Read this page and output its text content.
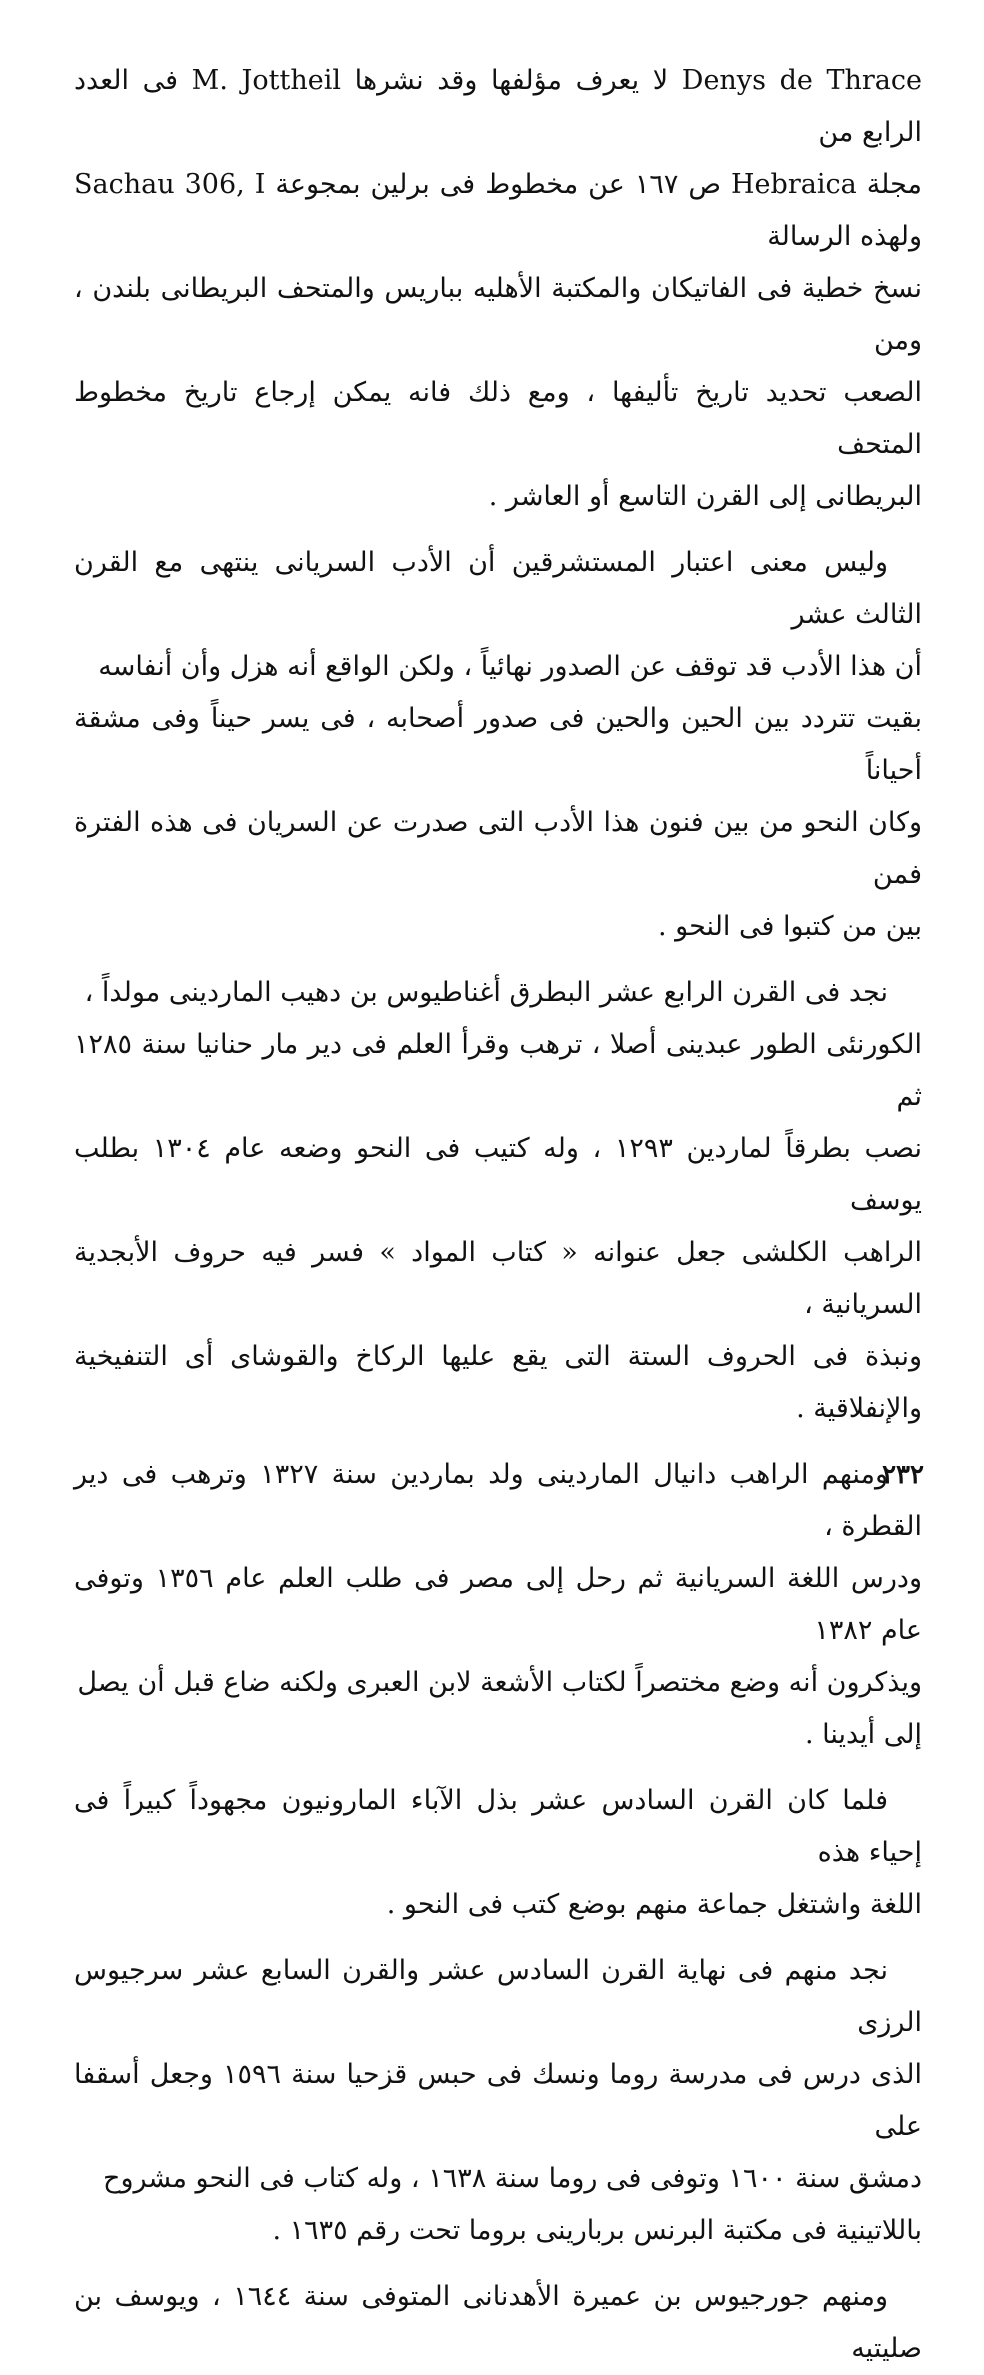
Denys de Thrace لا يعرف مؤلفها وقد نشرها M. Jottheil فى العدد الرابع من
مجلة Hebraica ص ١٦٧ عن مخطوط فى برلين بمجوعة Sachau 306, I ولهذه الرسالة
نسخ خطية فى الفاتيكان والمكتبة الأهليه بباريس والمتحف البريطانى بلندن ، ومن
الصعب تحديد تاريخ تأليفها ، ومع ذلك فانه يمكن إرجاع تاريخ مخطوط المتحف
البريطانى إلى القرن التاسع أو العاشر .

وليس معنى اعتبار المستشرقين أن الأدب السريانى ينتهى مع القرن الثالث عشر
أن هذا الأدب قد توقف عن الصدور نهائياً ، ولكن الواقع أنه هزل وأن أنفاسه
بقيت تتردد بين الحين والحين فى صدور أصحابه ، فى يسر حيناً وفى مشقة أحياناً
وكان النحو من بين فنون هذا الأدب التى صدرت عن السريان فى هذه الفترة فمن
بين من كتبوا فى النحو .

نجد فى القرن الرابع عشر البطرق أغناطيوس بن دهيب الماردينى مولداً ،
الكورنئى الطور عبدينى أصلا ، ترهب وقرأ العلم فى دير مار حنانيا سنة ١٢٨٥ ثم
نصب بطرقاً لماردين ١٢٩٣ ، وله كتيب فى النحو وضعه عام ١٣٠٤ بطلب يوسف
الراهب الكلشى جعل عنوانه « كتاب المواد » فسر فيه حروف الأبجدية السريانية ،
ونبذة فى الحروف الستة التى يقع عليها الركاخ والقوشاى أى التنفيخية والإنفلاقية .

ومنهم الراهب دانيال الماردينى ولد بماردين سنة ١٣٢٧ وترهب فى دير القطرة ،
ودرس اللغة السريانية ثم رحل إلى مصر فى طلب العلم عام ١٣٥٦ وتوفى عام ١٣٨٢
ويذكرون أنه وضع مختصراً لكتاب الأشعة لابن العبرى ولكنه ضاع قبل أن يصل
إلى أيدينا .

فلما كان القرن السادس عشر بذل الآباء المارونيون مجهوداً كبيراً فى إحياء هذه
اللغة واشتغل جماعة منهم بوضع كتب فى النحو .

نجد منهم فى نهاية القرن السادس عشر والقرن السابع عشر سرجيوس الرزى
الذى درس فى مدرسة روما ونسك فى حبس قزحيا سنة ١٥٩٦ وجعل أسقفا على
دمشق سنة ١٦٠٠ وتوفى فى روما سنة ١٦٣٨ ، وله كتاب فى النحو مشروح
باللاتينية فى مكتبة البرنس بربارينى بروما تحت رقم ١٦٣٥ .

ومنهم جورجيوس بن عميرة الأهدنانى المتوفى سنة ١٦٤٤ ، ويوسف بن صليتيه

٢٣٢
